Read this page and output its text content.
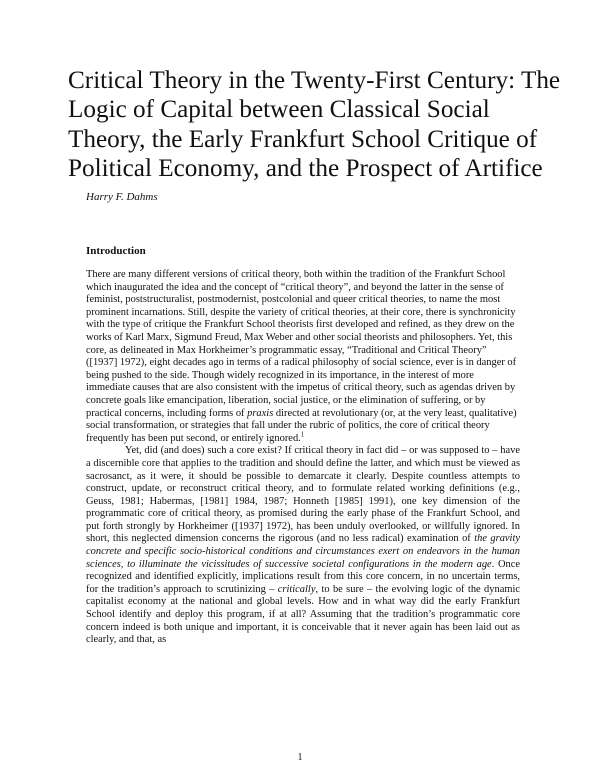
Critical Theory in the Twenty-First Century: The Logic of Capital between Classical Social Theory, the Early Frankfurt School Critique of Political Economy, and the Prospect of Artifice

Harry F. Dahms

Introduction

There are many different versions of critical theory, both within the tradition of the Frankfurt School which inaugurated the idea and the concept of “critical theory”, and beyond the latter in the sense of feminist, poststructuralist, postmodernist, postcolonial and queer critical theories, to name the most prominent incarnations. Still, despite the variety of critical theories, at their core, there is synchronicity with the type of critique the Frankfurt School theorists first developed and refined, as they drew on the works of Karl Marx, Sigmund Freud, Max Weber and other social theorists and philosophers. Yet, this core, as delineated in Max Horkheimer’s programmatic essay, “Traditional and Critical Theory” ([1937] 1972), eight decades ago in terms of a radical philosophy of social science, ever is in danger of being pushed to the side. Though widely recognized in its importance, in the interest of more immediate causes that are also consistent with the impetus of critical theory, such as agendas driven by concrete goals like emancipation, liberation, social justice, or the elimination of suffering, or by practical concerns, including forms of praxis directed at revolutionary (or, at the very least, qualitative) social transformation, or strategies that fall under the rubric of politics, the core of critical theory frequently has been put second, or entirely ignored.$^1$

Yet, did (and does) such a core exist? If critical theory in fact did – or was supposed to – have a discernible core that applies to the tradition and should define the latter, and which must be viewed as sacrosanct, as it were, it should be possible to demarcate it clearly. Despite countless attempts to construct, update, or reconstruct critical theory, and to formulate related working definitions (e.g., Geuss, 1981; Habermas, [1981] 1984, 1987; Honneth [1985] 1991), one key dimension of the programmatic core of critical theory, as promised during the early phase of the Frankfurt School, and put forth strongly by Horkheimer ([1937] 1972), has been unduly overlooked, or willfully ignored. In short, this neglected dimension concerns the rigorous (and no less radical) examination of the gravity concrete and specific socio-historical conditions and circumstances exert on endeavors in the human sciences, to illuminate the vicissitudes of successive societal configurations in the modern age. Once recognized and identified explicitly, implications result from this core concern, in no uncertain terms, for the tradition’s approach to scrutinizing – critically, to be sure – the evolving logic of the dynamic capitalist economy at the national and global levels. How and in what way did the early Frankfurt School identify and deploy this program, if at all? Assuming that the tradition’s programmatic core concern indeed is both unique and important, it is conceivable that it never again has been laid out as clearly, and that, as

1
